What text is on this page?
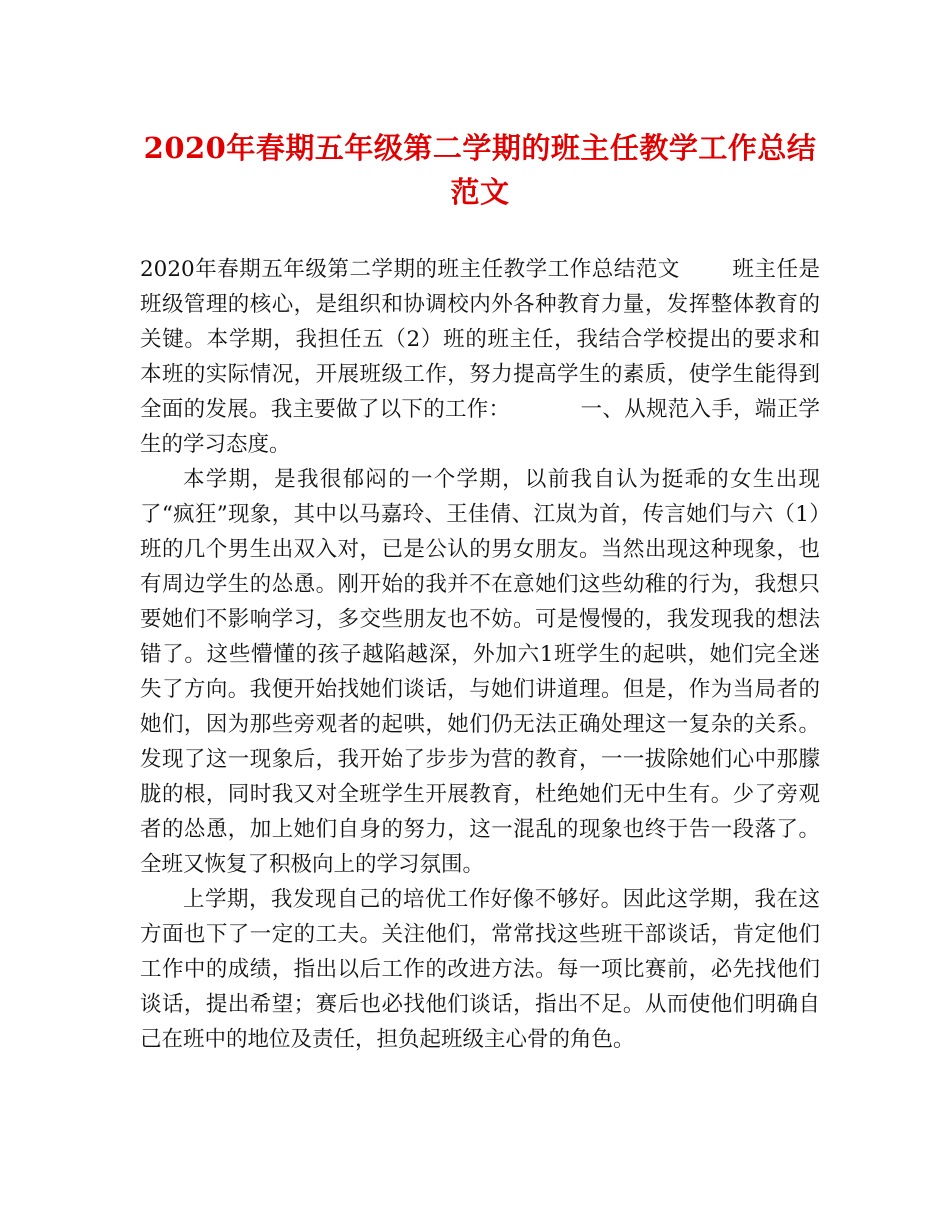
2020年春期五年级第二学期的班主任教学工作总结范文

2020年春期五年级第二学期的班主任教学工作总结范文 班主任是班级管理的核心，是组织和协调校内外各种教育力量，发挥整体教育的关键。本学期，我担任五（2）班的班主任，我结合学校提出的要求和本班的实际情况，开展班级工作，努力提高学生的素质，使学生能得到全面的发展。我主要做了以下的工作：	一、从规范入手，端正学生的学习态度。

本学期，是我很郁闷的一个学期，以前我自认为挺乖的女生出现了“疯狂”现象，其中以马嘉玲、王佳倩、江岚为首，传言她们与六（1）班的几个男生出双入对，已是公认的男女朋友。当然出现这种现象，也有周边学生的怂恿。刚开始的我并不在意她们这些幼稚的行为，我想只要她们不影响学习，多交些朋友也不妨。可是慢慢的，我发现我的想法错了。这些懵懂的孩子越陷越深，外加六1班学生的起哄，她们完全迷失了方向。我便开始找她们谈话，与她们讲道理。但是，作为当局者的她们，因为那些旁观者的起哄，她们仍无法正确处理这一复杂的关系。发现了这一现象后，我开始了步步为营的教育，一一拔除她们心中那朦胧的根，同时我又对全班学生开展教育，杜绝她们无中生有。少了旁观者的怂恿，加上她们自身的努力，这一混乱的现象也终于告一段落了。全班又恢复了积极向上的学习氛围。

上学期，我发现自己的培优工作好像不够好。因此这学期，我在这方面也下了一定的工夫。关注他们，常常找这些班干部谈话，肯定他们工作中的成绩，指出以后工作的改进方法。每一项比赛前，必先找他们谈话，提出希望；赛后也必找他们谈话，指出不足。从而使他们明确自己在班中的地位及责任，担负起班级主心骨的角色。
